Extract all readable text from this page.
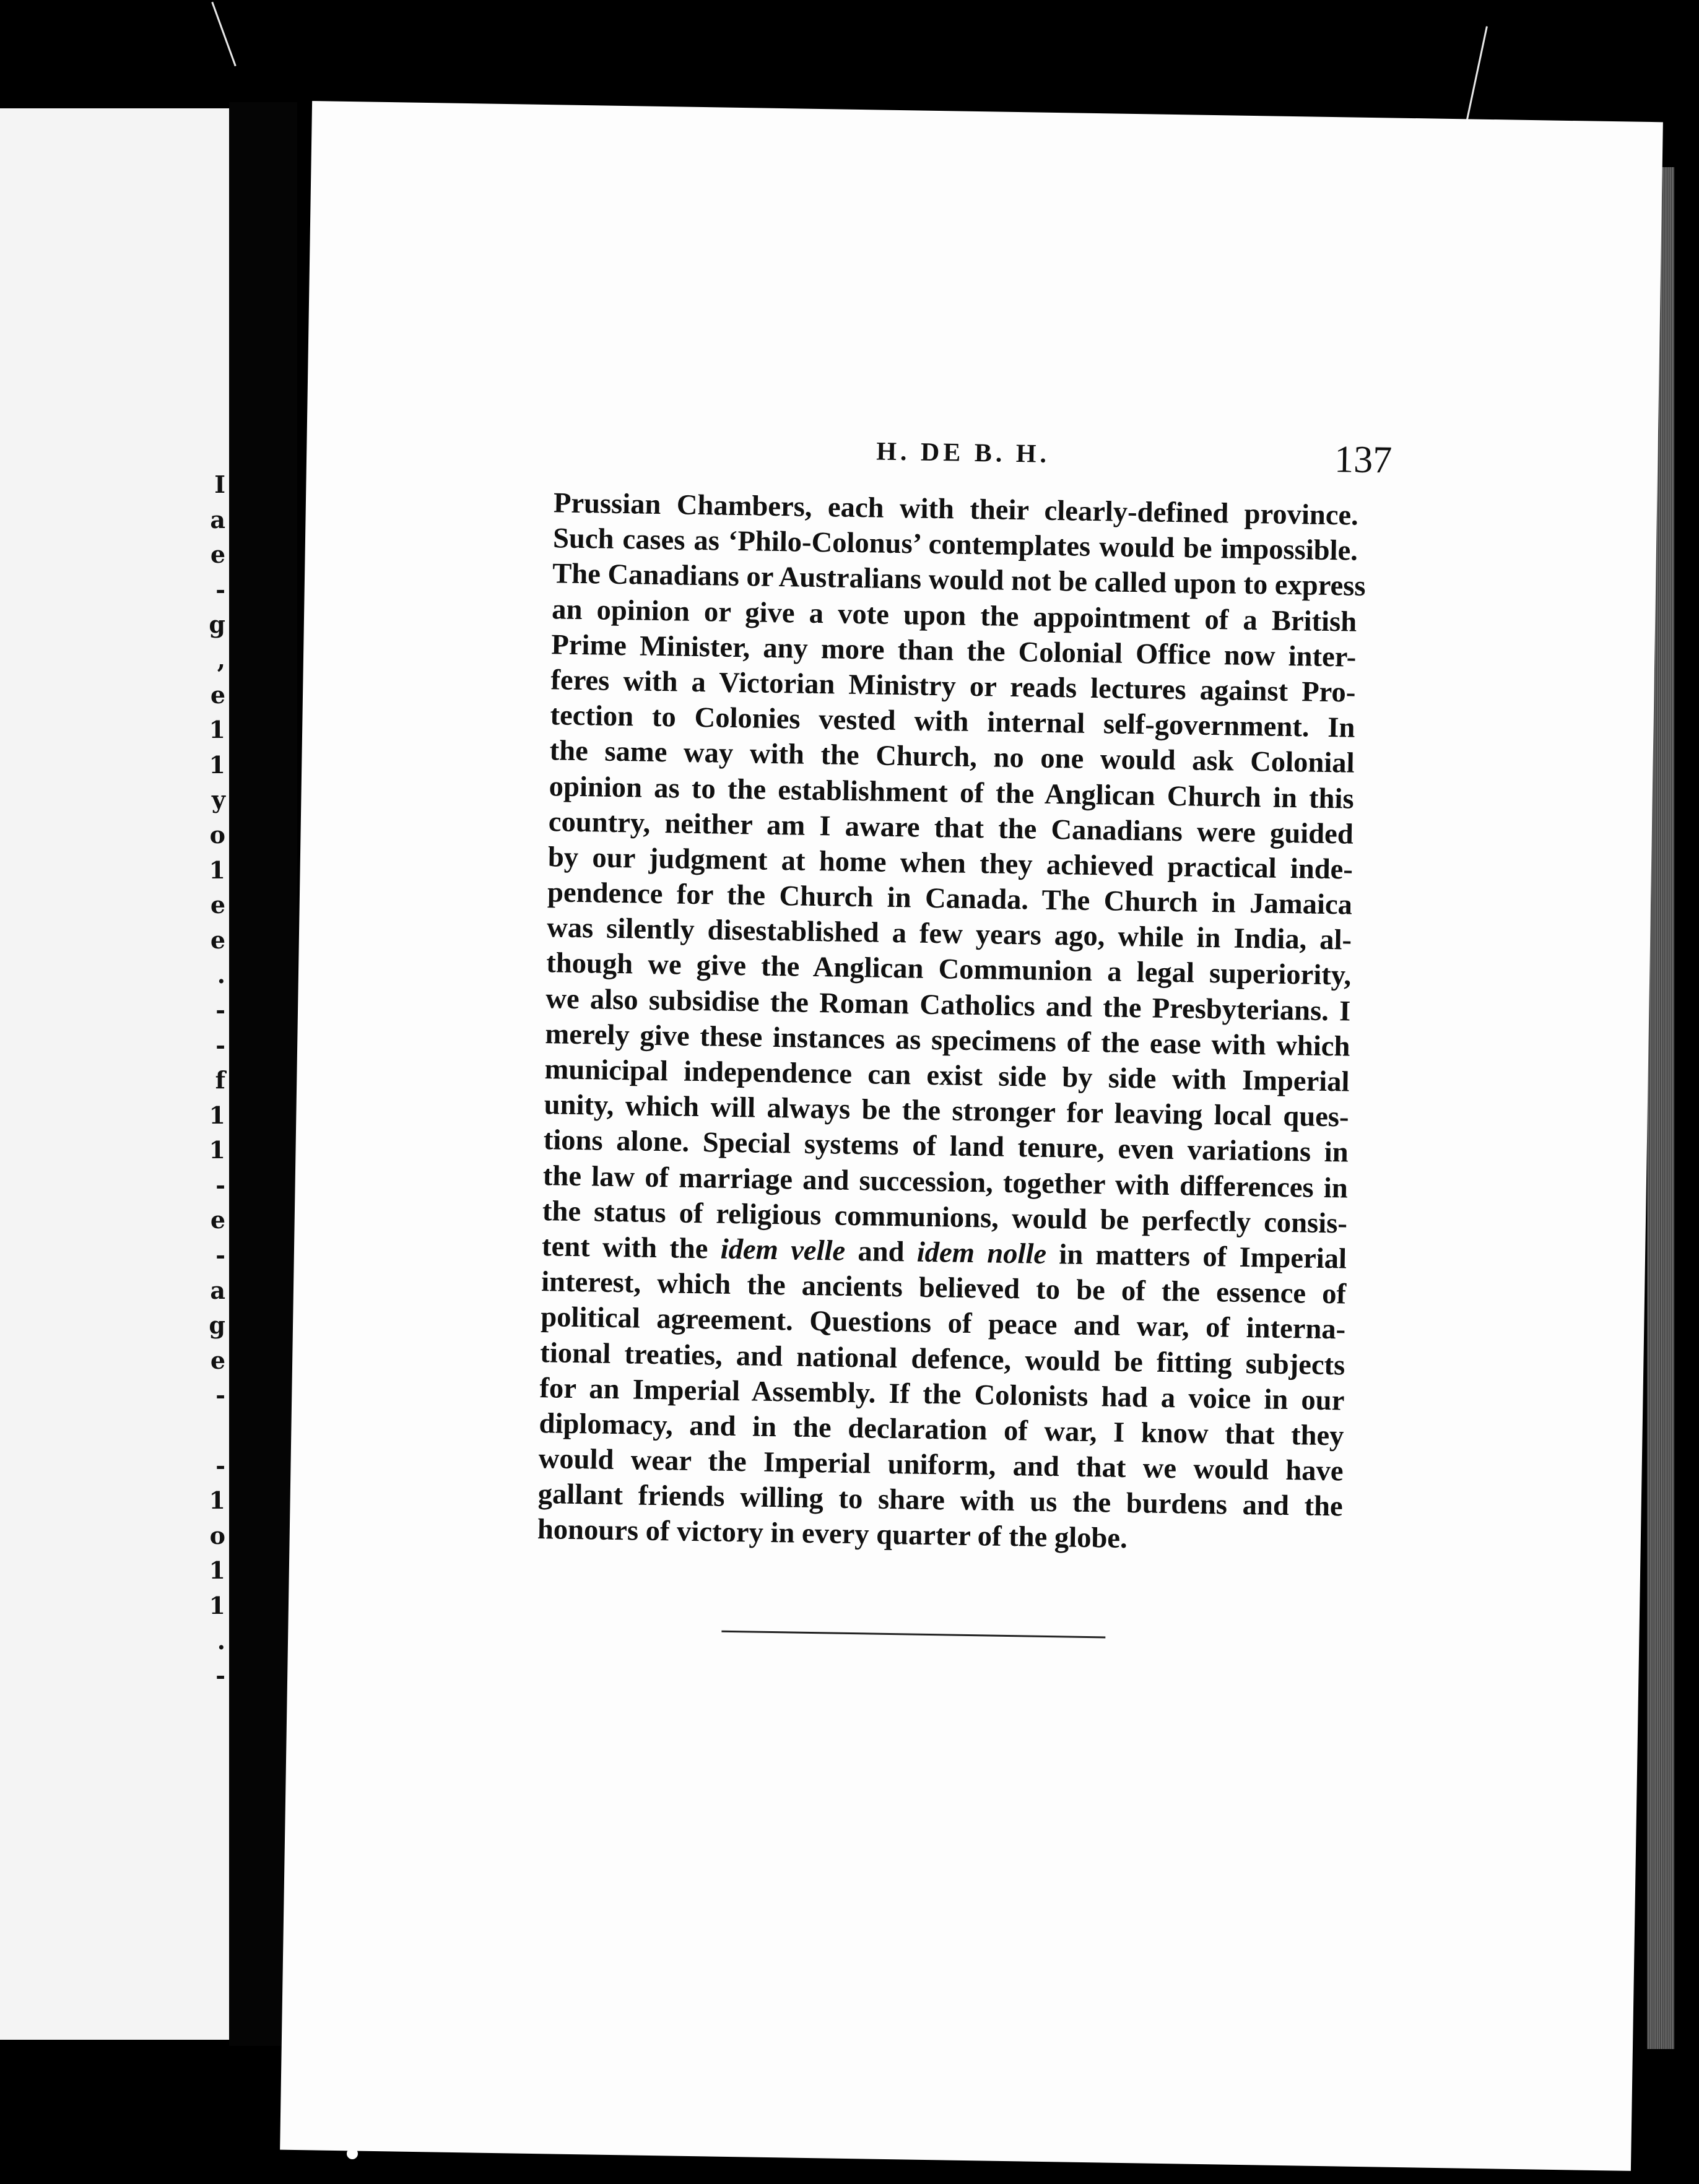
I
a
e
-
g
,
e
1
1
y
o
1
e
e
.
-
-
f
1
1
-
e
-
a
g
e
-
-
1
o
1
1
.
-
H. DE B. H.	137
Prussian Chambers, each with their clearly-defined province.
Such cases as ‘Philo-Colonus’ contemplates would be impossible.
The Canadians or Australians would not be called upon to express
an opinion or give a vote upon the appointment of a British
Prime Minister, any more than the Colonial Office now inter-
feres with a Victorian Ministry or reads lectures against Pro-
tection to Colonies vested with internal self-government. In
the same way with the Church, no one would ask Colonial
opinion as to the establishment of the Anglican Church in this
country, neither am I aware that the Canadians were guided
by our judgment at home when they achieved practical inde-
pendence for the Church in Canada. The Church in Jamaica
was silently disestablished a few years ago, while in India, al-
though we give the Anglican Communion a legal superiority,
we also subsidise the Roman Catholics and the Presbyterians. I
merely give these instances as specimens of the ease with which
municipal independence can exist side by side with Imperial
unity, which will always be the stronger for leaving local ques-
tions alone. Special systems of land tenure, even variations in
the law of marriage and succession, together with differences in
the status of religious communions, would be perfectly consis-
tent with the idem velle and idem nolle in matters of Imperial
interest, which the ancients believed to be of the essence of
political agreement. Questions of peace and war, of interna-
tional treaties, and national defence, would be fitting subjects
for an Imperial Assembly. If the Colonists had a voice in our
diplomacy, and in the declaration of war, I know that they
would wear the Imperial uniform, and that we would have
gallant friends willing to share with us the burdens and the
honours of victory in every quarter of the globe.
